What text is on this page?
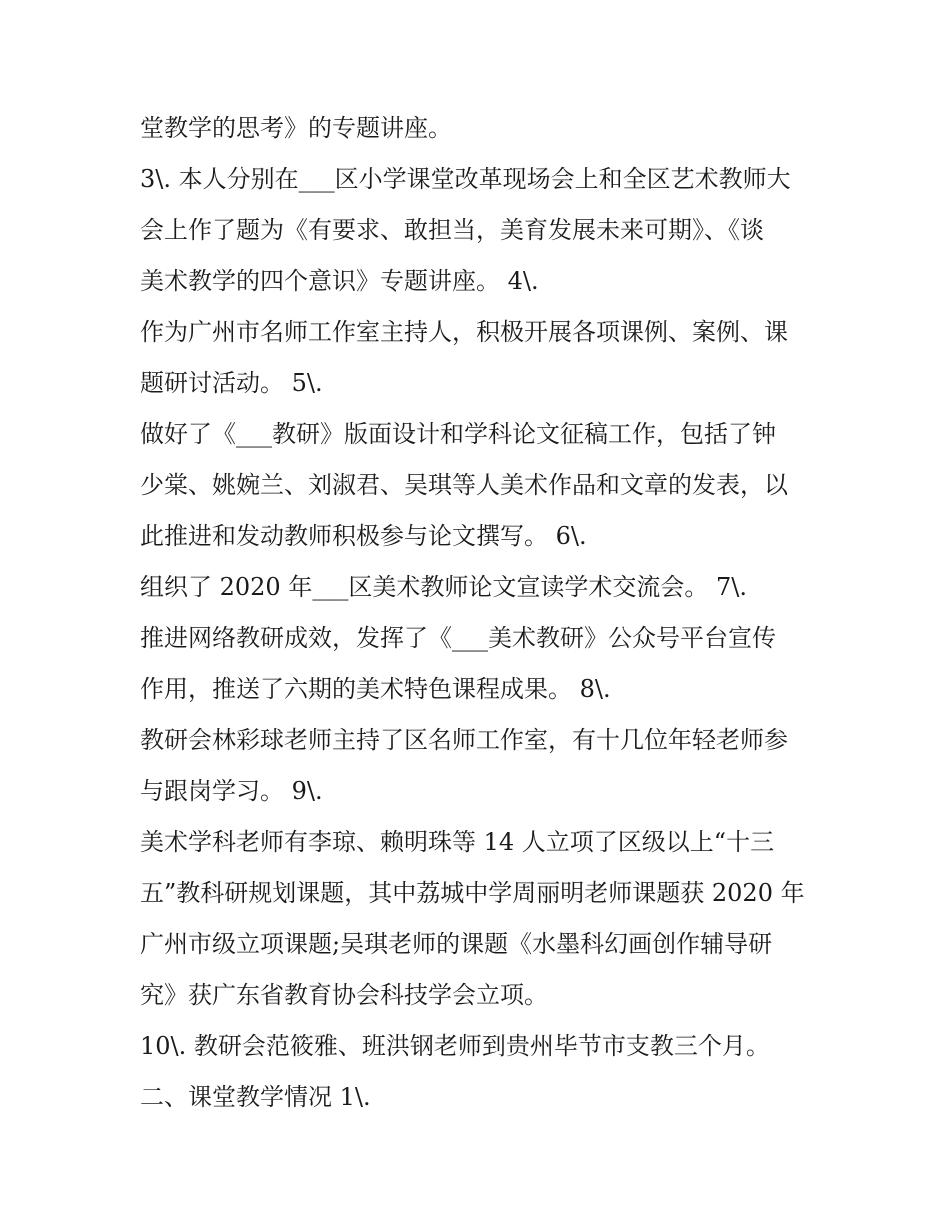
堂教学的思考》的专题讲座。

3\. 本人分别在___区小学课堂改革现场会上和全区艺术教师大

会上作了题为《有要求、敢担当，美育发展未来可期》、《谈

美术教学的四个意识》专题讲座。 4\.

作为广州市名师工作室主持人，积极开展各项课例、案例、课

题研讨活动。 5\.

做好了《___教研》版面设计和学科论文征稿工作，包括了钟

少棠、姚婉兰、刘淑君、吴琪等人美术作品和文章的发表，以

此推进和发动教师积极参与论文撰写。 6\.

组织了 2020 年___区美术教师论文宣读学术交流会。 7\.

推进网络教研成效，发挥了《___美术教研》公众号平台宣传

作用，推送了六期的美术特色课程成果。 8\.

教研会林彩球老师主持了区名师工作室，有十几位年轻老师参

与跟岗学习。 9\.

美术学科老师有李琼、赖明珠等 14 人立项了区级以上“十三

五”教科研规划课题，其中荔城中学周丽明老师课题获 2020 年

广州市级立项课题;吴琪老师的课题《水墨科幻画创作辅导研

究》获广东省教育协会科技学会立项。

10\. 教研会范筱雅、班洪钢老师到贵州毕节市支教三个月。

二、课堂教学情况 1\.
